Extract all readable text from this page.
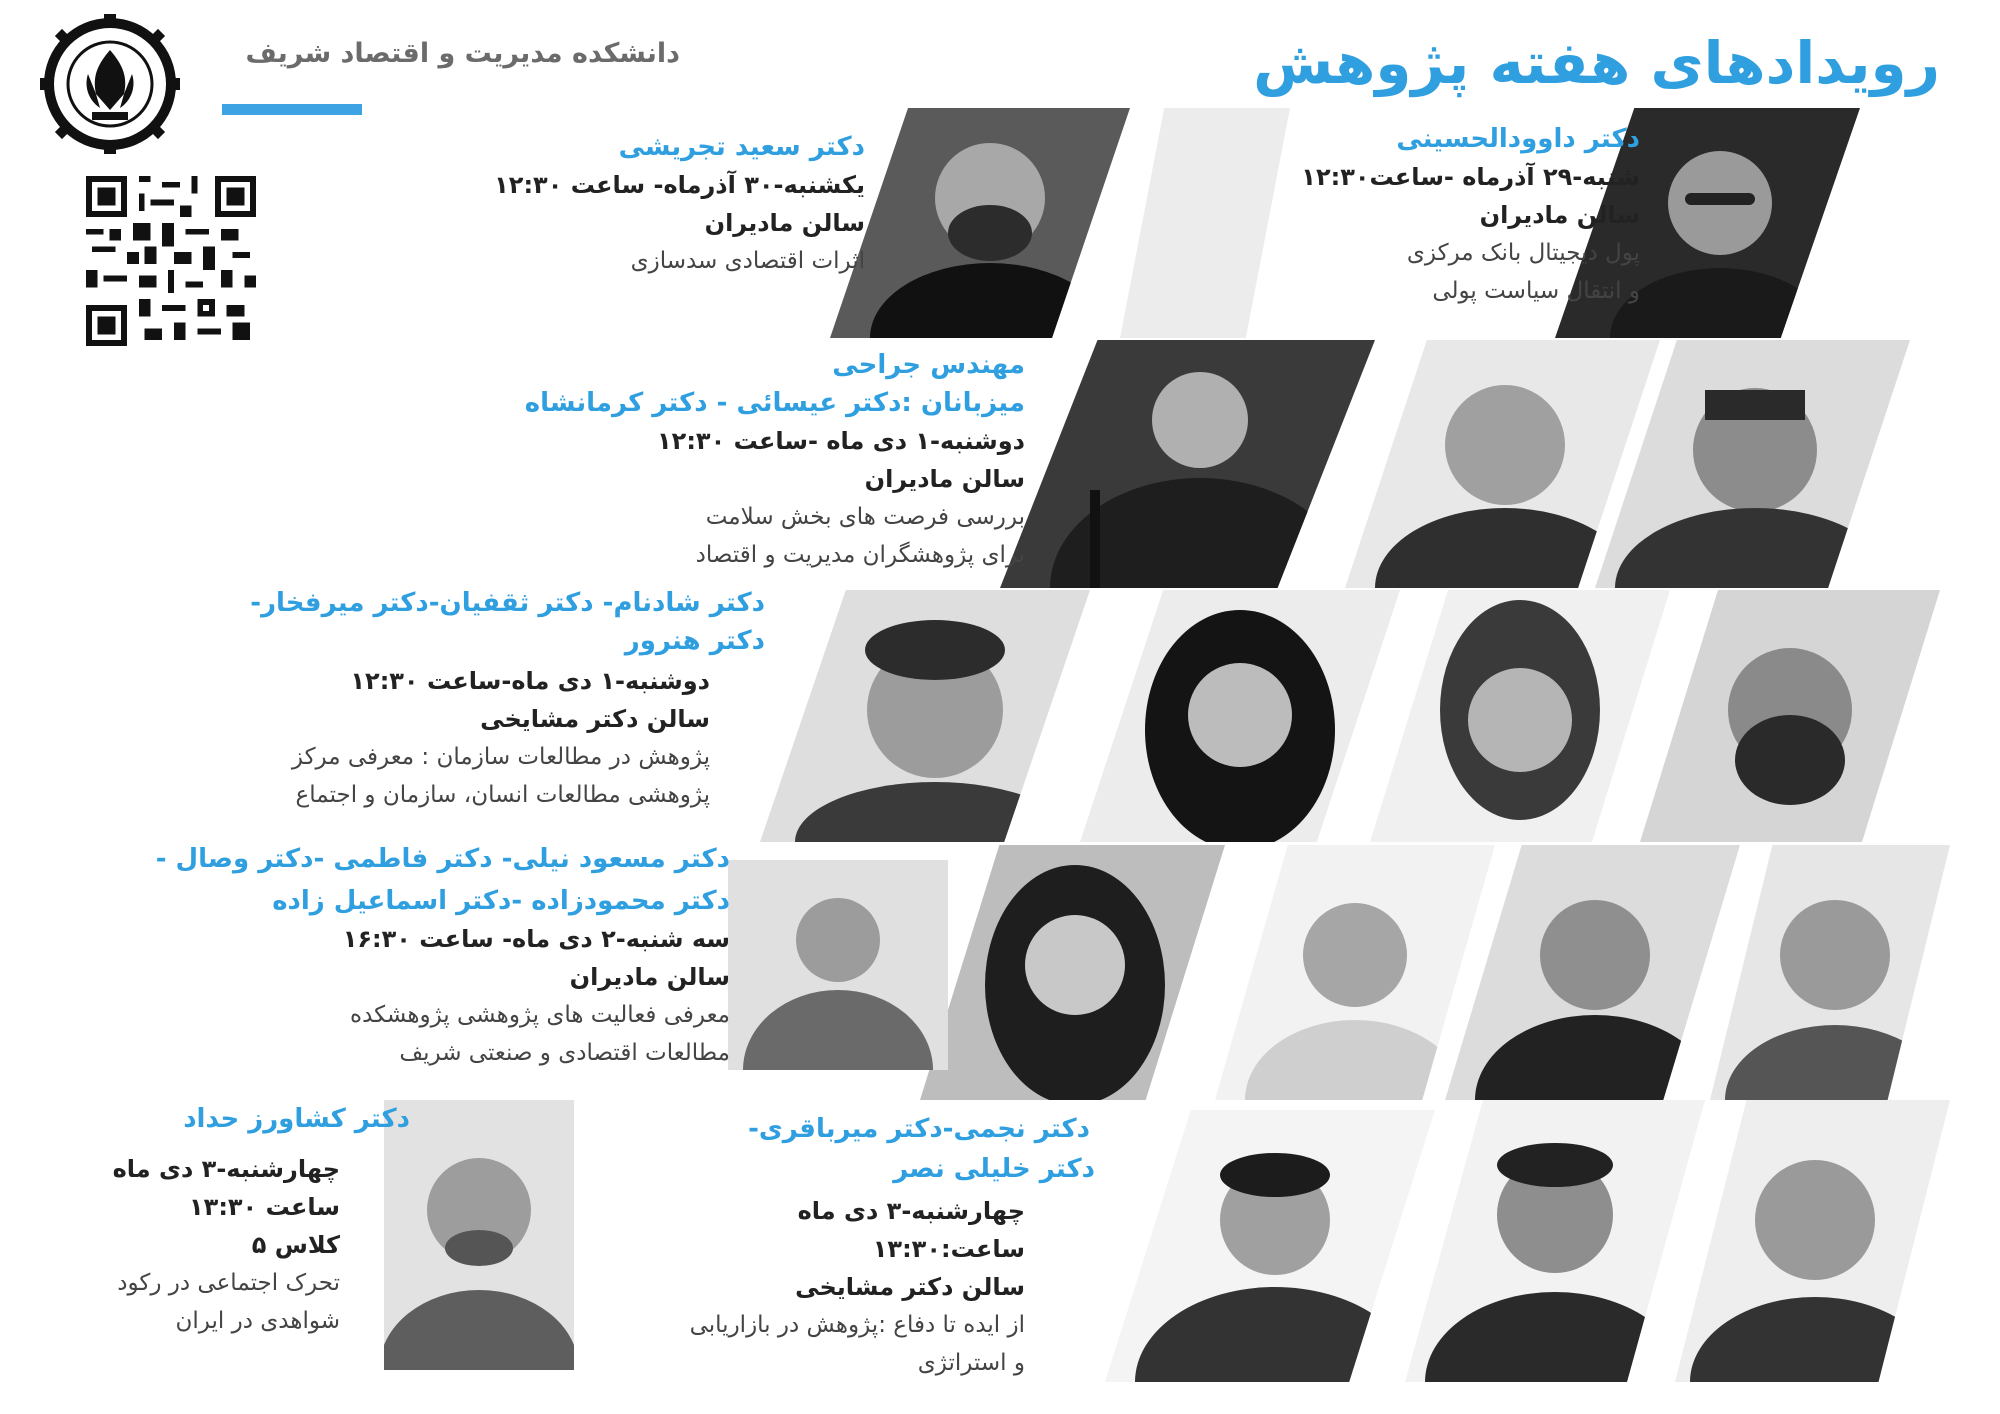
رویدادهای هفته پژوهش
دانشکده مدیریت و اقتصاد شریف
دکتر داوودالحسینی
شنبه-۲۹ آذرماه -ساعت۱۲:۳۰
سالن مادیران
پول دیجیتال بانک مرکزی
و انتقال سیاست پولی
دکتر سعید تجریشی
یکشنبه-۳۰ آذرماه- ساعت ۱۲:۳۰
سالن مادیران
اثرات اقتصادی سدسازی
مهندس جراحی
میزبانان :دکتر عیسائی - دکتر کرمانشاه
دوشنبه-۱ دی ماه -ساعت ۱۲:۳۰
سالن مادیران
بررسی فرصت های بخش سلامت
برای پژوهشگران مدیریت و اقتصاد
دکتر شادنام- دکتر ثقفیان-دکتر میرفخار-
دکتر هنرور
دوشنبه-۱ دی ماه-ساعت ۱۲:۳۰
سالن دکتر مشایخی
پژوهش در مطالعات سازمان : معرفی مرکز
پژوهشی مطالعات انسان، سازمان و اجتماع
دکتر مسعود نیلی- دکتر فاطمی -دکتر وصال -
دکتر محمودزاده -دکتر اسماعیل زاده
سه شنبه-۲ دی ماه- ساعت ۱۶:۳۰
سالن مادیران
معرفی فعالیت های پژوهشی پژوهشکده
مطالعات اقتصادی و صنعتی شریف
دکتر کشاورز حداد
چهارشنبه-۳ دی ماه
ساعت ۱۳:۳۰
کلاس ۵
تحرک اجتماعی در رکود
شواهدی در ایران
دکتر نجمی-دکتر میرباقری-
دکتر خلیلی نصر
چهارشنبه-۳ دی ماه
ساعت:۱۳:۳۰
سالن دکتر مشایخی
از ایده تا دفاع :پژوهش در بازاریابی
و استراتژی
